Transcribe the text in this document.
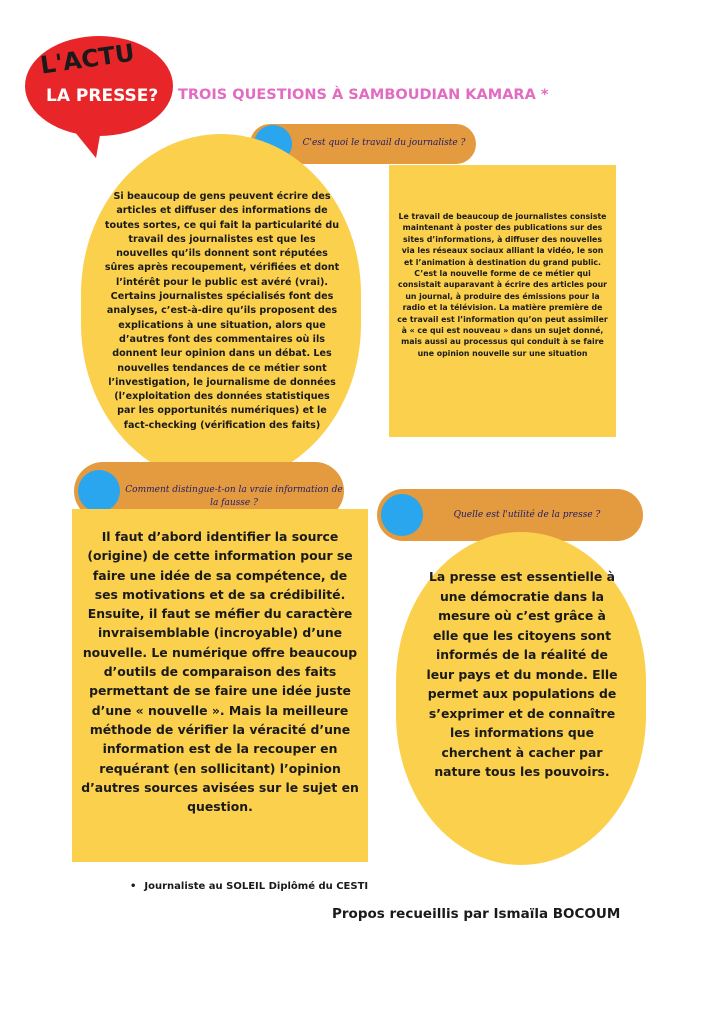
L'ACTU
LA PRESSE?	TROIS QUESTIONS À SAMBOUDIAN KAMARA *
C'est quoi le travail du journaliste ?
Si beaucoup de gens peuvent écrire des articles et diffuser des informations de toutes sortes, ce qui fait la particularité du travail des journalistes est que les nouvelles qu’ils donnent sont réputées sûres après recoupement, vérifiées et dont l’intérêt pour le public est avéré (vrai). Certains journalistes spécialisés font des analyses, c’est-à-dire qu’ils proposent des explications à une situation, alors que d’autres font des commentaires où ils donnent leur opinion dans un débat. Les nouvelles tendances de ce métier sont l’investigation, le journalisme de données (l’exploitation des données statistiques par les opportunités numériques) et le fact-checking (vérification des faits)
Le travail de beaucoup de journalistes consiste maintenant à poster des publications sur des sites d’informations, à diffuser des nouvelles via les réseaux sociaux alliant la vidéo, le son et l’animation à destination du grand public. C’est la nouvelle forme de ce métier qui consistait auparavant à écrire des articles pour un journal, à produire des émissions pour la radio et la télévision. La matière première de ce travail est l’information qu’on peut assimiler à « ce qui est nouveau » dans un sujet donné, mais aussi au processus qui conduit à se faire une opinion nouvelle sur une situation
Comment distingue-t-on la vraie information de la fausse ?
Il faut d’abord identifier la source (origine) de cette information pour se faire une idée de sa compétence, de ses motivations et de sa crédibilité. Ensuite, il faut se méfier du caractère invraisemblable (incroyable) d’une nouvelle. Le numérique offre beaucoup d’outils de comparaison des faits permettant de se faire une idée juste d’une « nouvelle ». Mais la meilleure méthode de vérifier la véracité d’une information est de la recouper en requérant (en sollicitant) l’opinion d’autres sources avisées sur le sujet en question.
Quelle est l'utilité de la presse ?
La presse est essentielle à une démocratie dans la mesure où c’est grâce à elle que les citoyens sont informés de la réalité de leur pays et du monde. Elle permet aux populations de s’exprimer et de connaître les informations que cherchent à cacher par nature tous les pouvoirs.
• Journaliste au SOLEIL Diplômé du CESTI
Propos recueillis par Ismaïla BOCOUM
